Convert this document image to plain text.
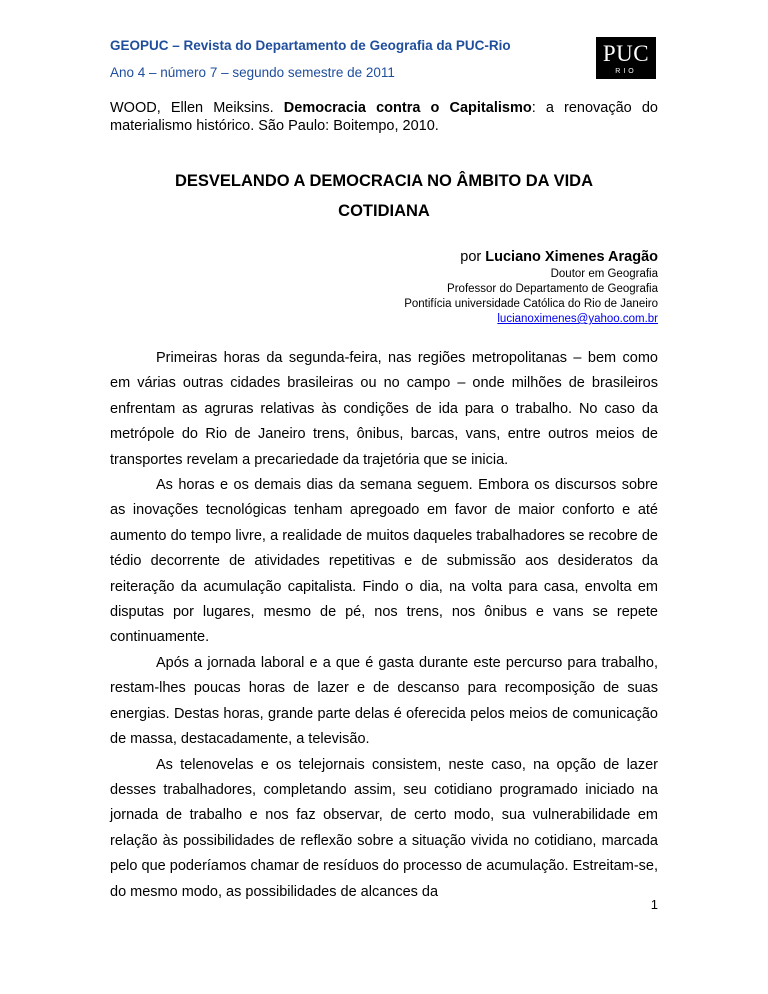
GEOPUC – Revista do Departamento de Geografia da PUC-Rio
Ano 4 – número 7 – segundo semestre de 2011
PUC
RIO
WOOD, Ellen Meiksins. Democracia contra o Capitalismo: a renovação do materialismo histórico. São Paulo: Boitempo, 2010.
DESVELANDO A DEMOCRACIA NO ÂMBITO DA VIDA
COTIDIANA
por Luciano Ximenes Aragão
Doutor em Geografia
Professor do Departamento de Geografia
Pontifícia universidade Católica do Rio de Janeiro
lucianoximenes@yahoo.com.br

Primeiras horas da segunda-feira, nas regiões metropolitanas – bem como em várias outras cidades brasileiras ou no campo – onde milhões de brasileiros enfrentam as agruras relativas às condições de ida para o trabalho. No caso da metrópole do Rio de Janeiro trens, ônibus, barcas, vans, entre outros meios de transportes revelam a precariedade da trajetória que se inicia.

As horas e os demais dias da semana seguem. Embora os discursos sobre as inovações tecnológicas tenham apregoado em favor de maior conforto e até aumento do tempo livre, a realidade de muitos daqueles trabalhadores se recobre de tédio decorrente de atividades repetitivas e de submissão aos desideratos da reiteração da acumulação capitalista. Findo o dia, na volta para casa, envolta em disputas por lugares, mesmo de pé, nos trens, nos ônibus e vans se repete continuamente.

Após a jornada laboral e a que é gasta durante este percurso para trabalho, restam-lhes poucas horas de lazer e de descanso para recomposição de suas energias. Destas horas, grande parte delas é oferecida pelos meios de comunicação de massa, destacadamente, a televisão.

As telenovelas e os telejornais consistem, neste caso, na opção de lazer desses trabalhadores, completando assim, seu cotidiano programado iniciado na jornada de trabalho e nos faz observar, de certo modo, sua vulnerabilidade em relação às possibilidades de reflexão sobre a situação vivida no cotidiano, marcada pelo que poderíamos chamar de resíduos do processo de acumulação. Estreitam-se, do mesmo modo, as possibilidades de alcances da

1
